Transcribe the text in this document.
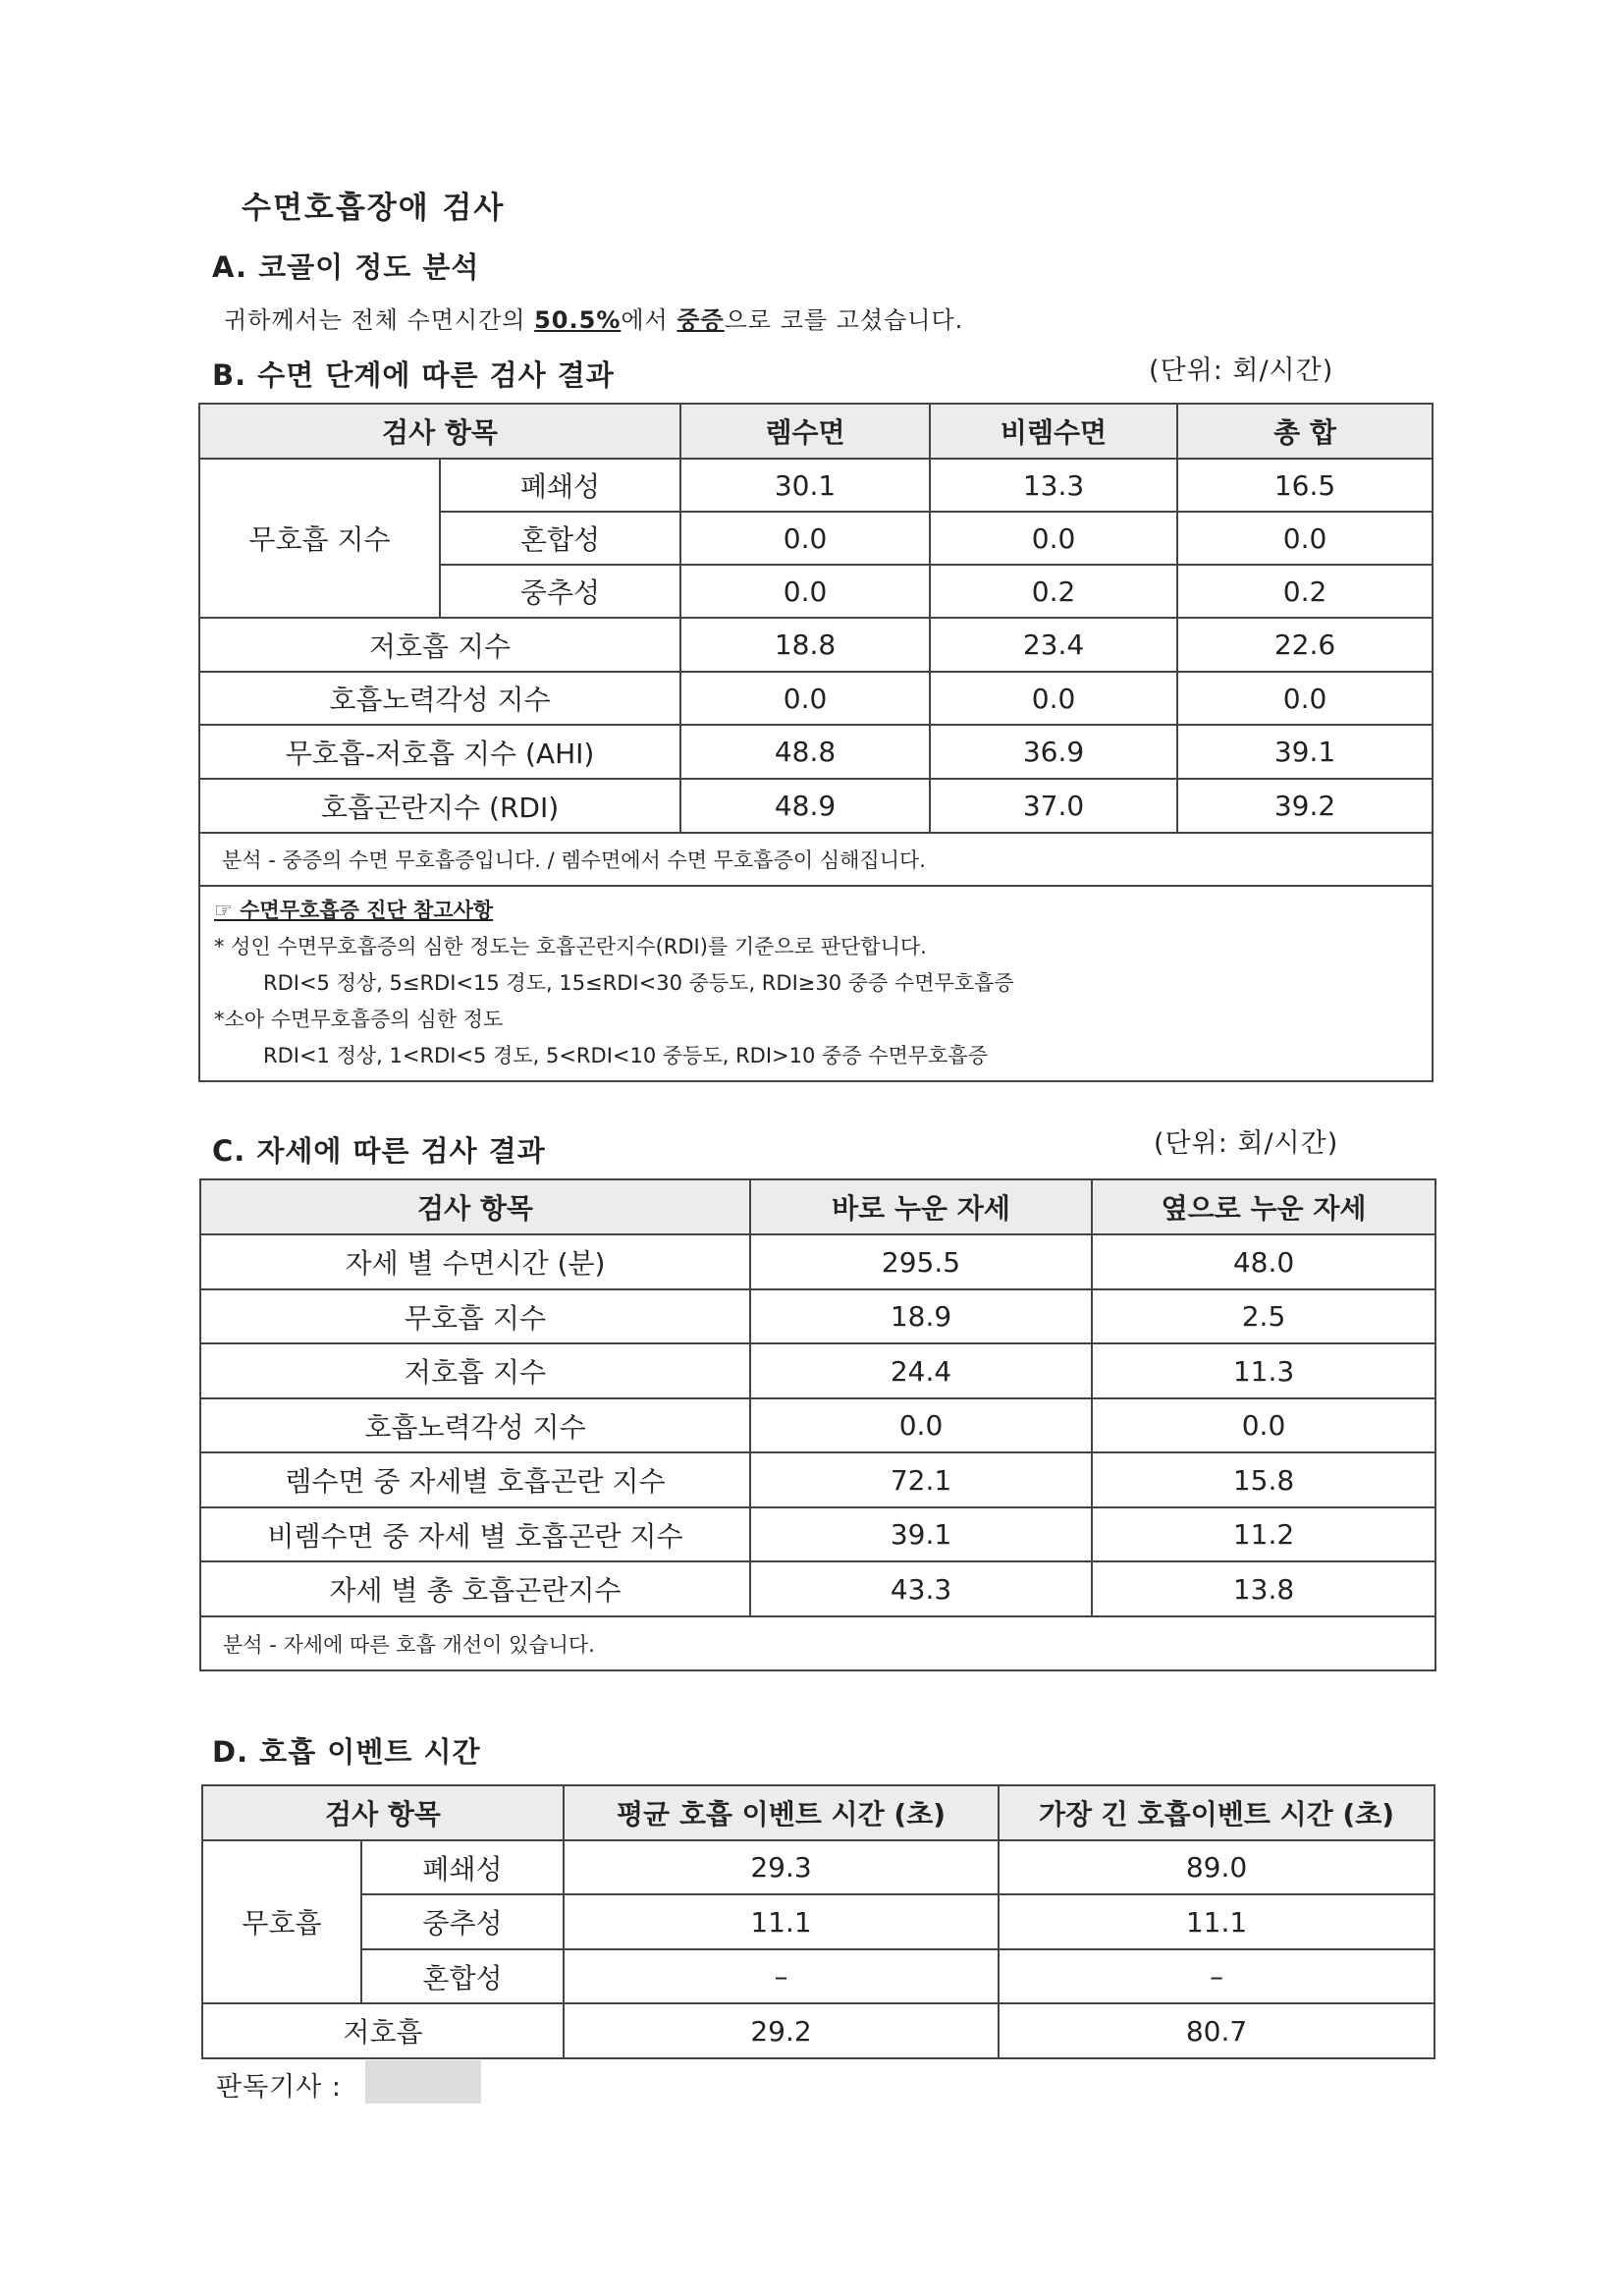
수면호흡장애 검사
A. 코골이 정도 분석
귀하께서는 전체 수면시간의 50.5%에서 중증으로 코를 고셨습니다.
B. 수면 단계에 따른 검사 결과	(단위: 회/시간)
검사 항목		렘수면	비렘수면	총 합
무호흡 지수	폐쇄성	30.1	13.3	16.5
	혼합성	0.0	0.0	0.0
	중추성	0.0	0.2	0.2
저호흡 지수		18.8	23.4	22.6
호흡노력각성 지수		0.0	0.0	0.0
무호흡-저호흡 지수 (AHI)		48.8	36.9	39.1
호흡곤란지수 (RDI)		48.9	37.0	39.2
분석 - 중증의 수면 무호흡증입니다. / 렘수면에서 수면 무호흡증이 심해집니다.				

☞ 수면무호흡증 진단 참고사항
* 성인 수면무호흡증의 심한 정도는 호흡곤란지수(RDI)를 기준으로 판단합니다.
RDI<5 정상, 5≤RDI<15 경도, 15≤RDI<30 중등도, RDI≥30 중증 수면무호흡증
*소아 수면무호흡증의 심한 정도
RDI<1 정상, 1<RDI<5 경도, 5<RDI<10 중등도, RDI>10 중증 수면무호흡증				
C. 자세에 따른 검사 결과	(단위: 회/시간)
검사 항목	바로 누운 자세	옆으로 누운 자세
자세 별 수면시간 (분)	295.5	48.0
무호흡 지수	18.9	2.5
저호흡 지수	24.4	11.3
호흡노력각성 지수	0.0	0.0
렘수면 중 자세별 호흡곤란 지수	72.1	15.8
비렘수면 중 자세 별 호흡곤란 지수	39.1	11.2
자세 별 총 호흡곤란지수	43.3	13.8
분석 - 자세에 따른 호흡 개선이 있습니다.		
D. 호흡 이벤트 시간
검사 항목		평균 호흡 이벤트 시간 (초)	가장 긴 호흡이벤트 시간 (초)
무호흡	폐쇄성	29.3	89.0
	중추성	11.1	11.1
	혼합성	–	–
저호흡		29.2	80.7
판독기사 :
